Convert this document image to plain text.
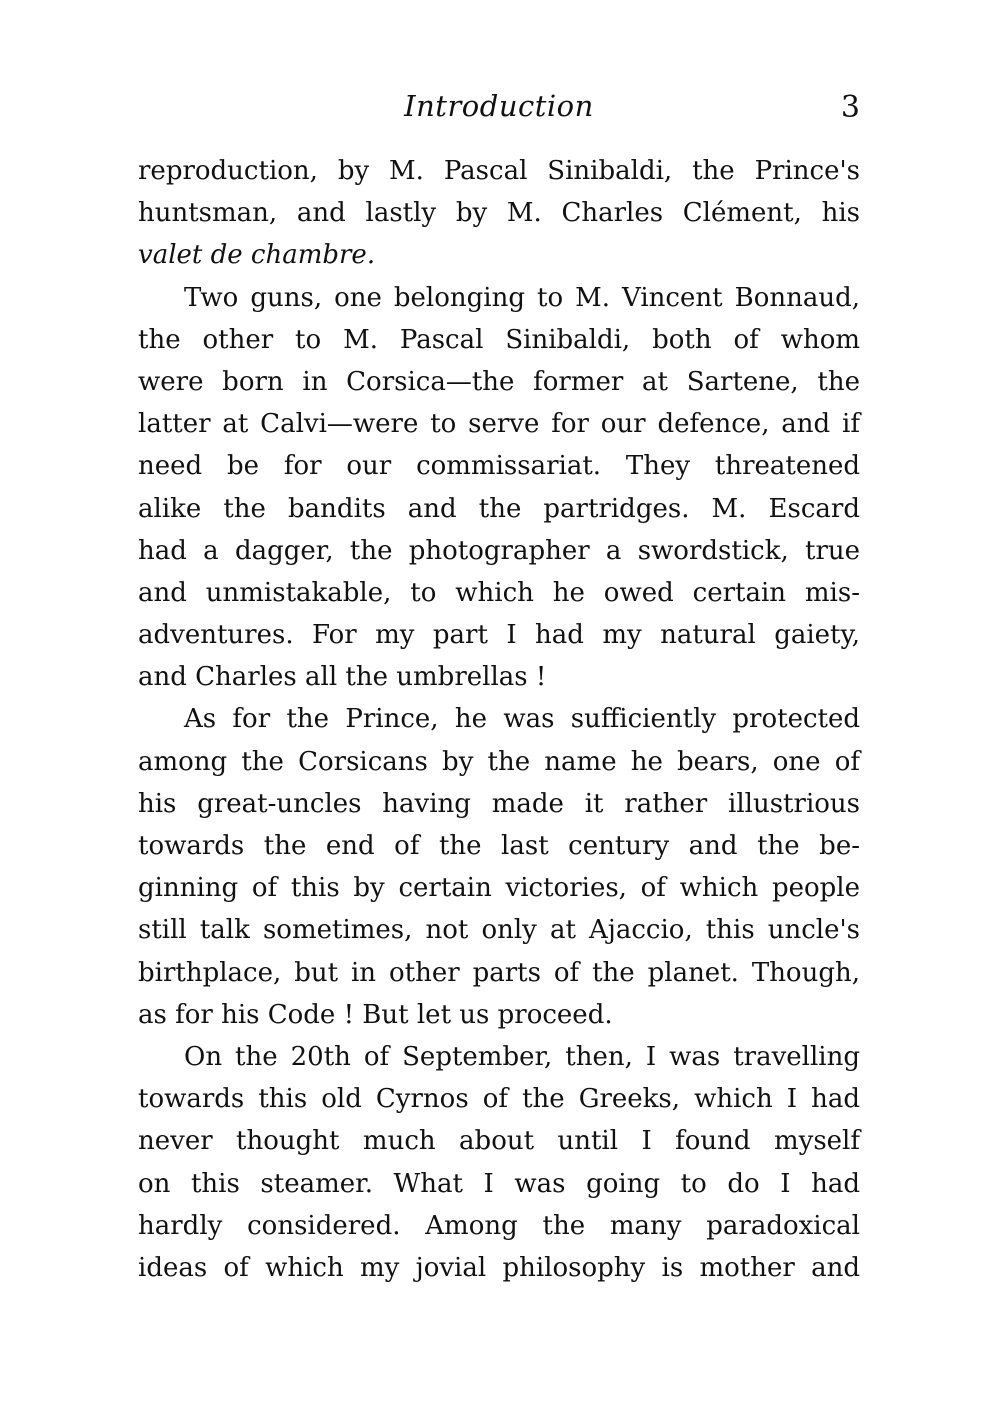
Introduction	3
reproduction, by M. Pascal Sinibaldi, the Prince's
huntsman, and lastly by M. Charles Clément, his
valet de chambre.
Two guns, one belonging to M. Vincent Bonnaud,
the other to M. Pascal Sinibaldi, both of whom
were born in Corsica—the former at Sartene, the
latter at Calvi—were to serve for our defence, and if
need be for our commissariat. They threatened
alike the bandits and the partridges. M. Escard
had a dagger, the photographer a swordstick, true
and unmistakable, to which he owed certain mis-
adventures. For my part I had my natural gaiety,
and Charles all the umbrellas !
As for the Prince, he was sufficiently protected
among the Corsicans by the name he bears, one of
his great-uncles having made it rather illustrious
towards the end of the last century and the be-
ginning of this by certain victories, of which people
still talk sometimes, not only at Ajaccio, this uncle's
birthplace, but in other parts of the planet. Though,
as for his Code ! But let us proceed.
On the 20th of September, then, I was travelling
towards this old Cyrnos of the Greeks, which I had
never thought much about until I found myself
on this steamer. What I was going to do I had
hardly considered. Among the many paradoxical
ideas of which my jovial philosophy is mother and
